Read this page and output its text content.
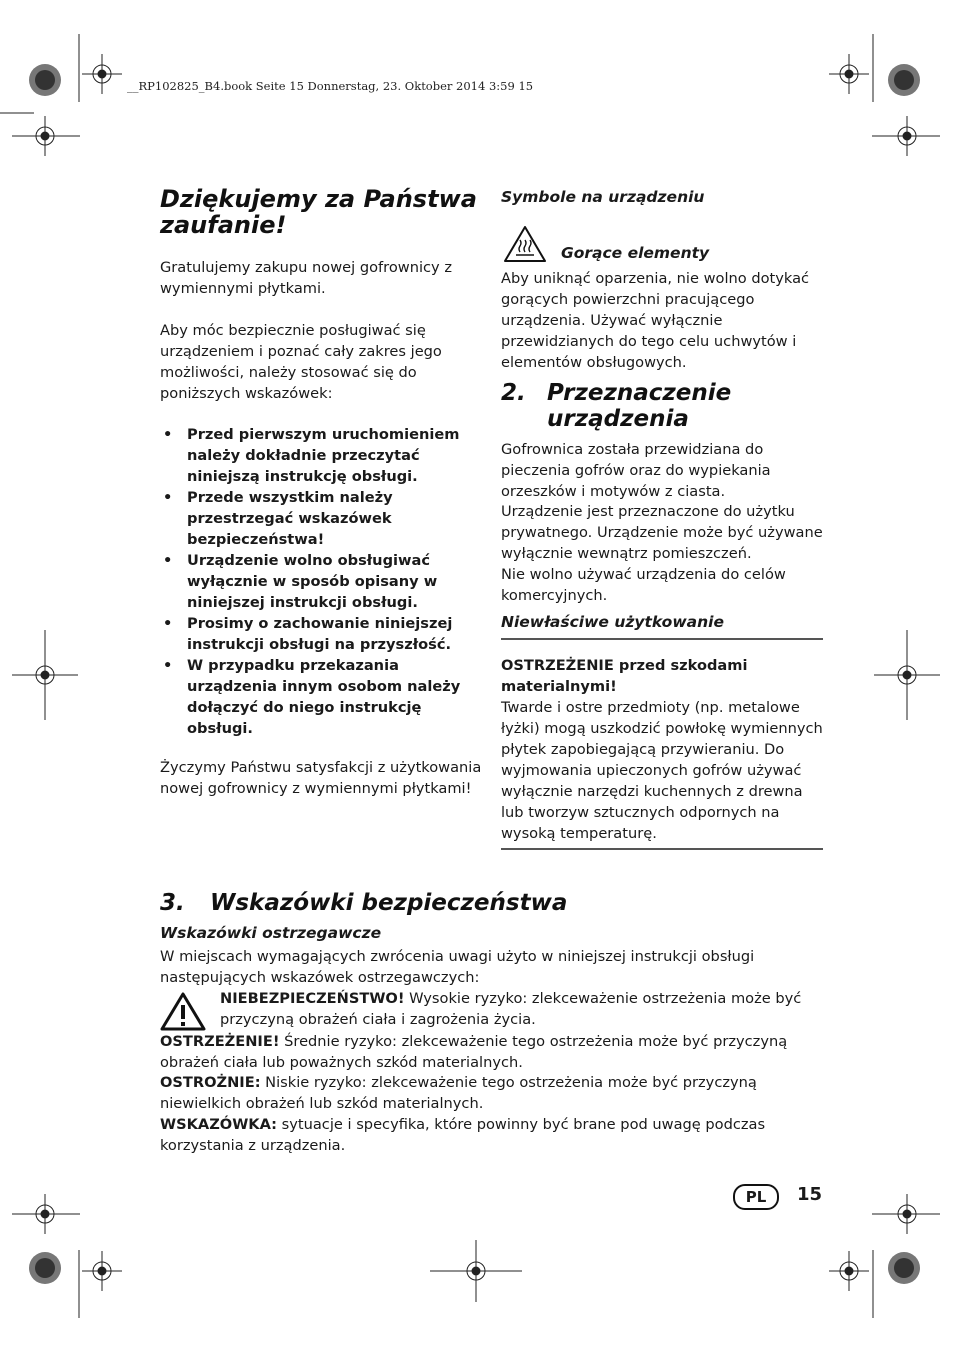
__RP102825_B4.book Seite 15 Donnerstag, 23. Oktober 2014 3:59 15
Dziękujemy za Państwa zaufanie!

Gratulujemy zakupu nowej gofrownicy z wymiennymi płytkami.

Aby móc bezpiecznie posługiwać się urządzeniem i poznać cały zakres jego możliwości, należy stosować się do poniższych wskazówek:

• Przed pierwszym uruchomieniem należy dokładnie przeczytać niniejszą instrukcję obsługi.
• Przede wszystkim należy przestrzegać wskazówek bezpieczeństwa!
• Urządzenie wolno obsługiwać wyłącznie w sposób opisany w niniejszej instrukcji obsługi.
• Prosimy o zachowanie niniejszej instrukcji obsługi na przyszłość.
• W przypadku przekazania urządzenia innym osobom należy dołączyć do niego instrukcję obsługi.

Życzymy Państwu satysfakcji z użytkowania nowej gofrownicy z wymiennymi płytkami!

Symbole na urządzeniu
Gorące elementy

Aby uniknąć oparzenia, nie wolno dotykać gorących powierzchni pracującego urządzenia. Używać wyłącznie przewidzianych do tego celu uchwytów i elementów obsługowych.

2. Przeznaczenie urządzenia

Gofrownica została przewidziana do pieczenia gofrów oraz do wypiekania orzeszków i motywów z ciasta.

Urządzenie jest przeznaczone do użytku prywatnego. Urządzenie może być używane wyłącznie wewnątrz pomieszczeń.

Nie wolno używać urządzenia do celów komercyjnych.

Niewłaściwe użytkowanie

OSTRZEŻENIE przed szkodami materialnymi!

Twarde i ostre przedmioty (np. metalowe łyżki) mogą uszkodzić powłokę wymiennych płytek zapobiegającą przywieraniu. Do wyjmowania upieczonych gofrów używać wyłącznie narzędzi kuchennych z drewna lub tworzyw sztucznych odpornych na wysoką temperaturę.

3. Wskazówki bezpieczeństwa
Wskazówki ostrzegawcze

W miejscach wymagających zwrócenia uwagi użyto w niniejszej instrukcji obsługi następujących wskazówek ostrzegawczych:

NIEBEZPIECZEŃSTWO! Wysokie ryzyko: zlekceważenie ostrzeżenia może być przyczyną obrażeń ciała i zagrożenia życia.

OSTRZEŻENIE! Średnie ryzyko: zlekceważenie tego ostrzeżenia może być przyczyną obrażeń ciała lub poważnych szkód materialnych.

OSTROŻNIE: Niskie ryzyko: zlekceważenie tego ostrzeżenia może być przyczyną niewielkich obrażeń lub szkód materialnych.

WSKAZÓWKA: sytuacje i specyfika, które powinny być brane pod uwagę podczas korzystania z urządzenia.

PL	15
